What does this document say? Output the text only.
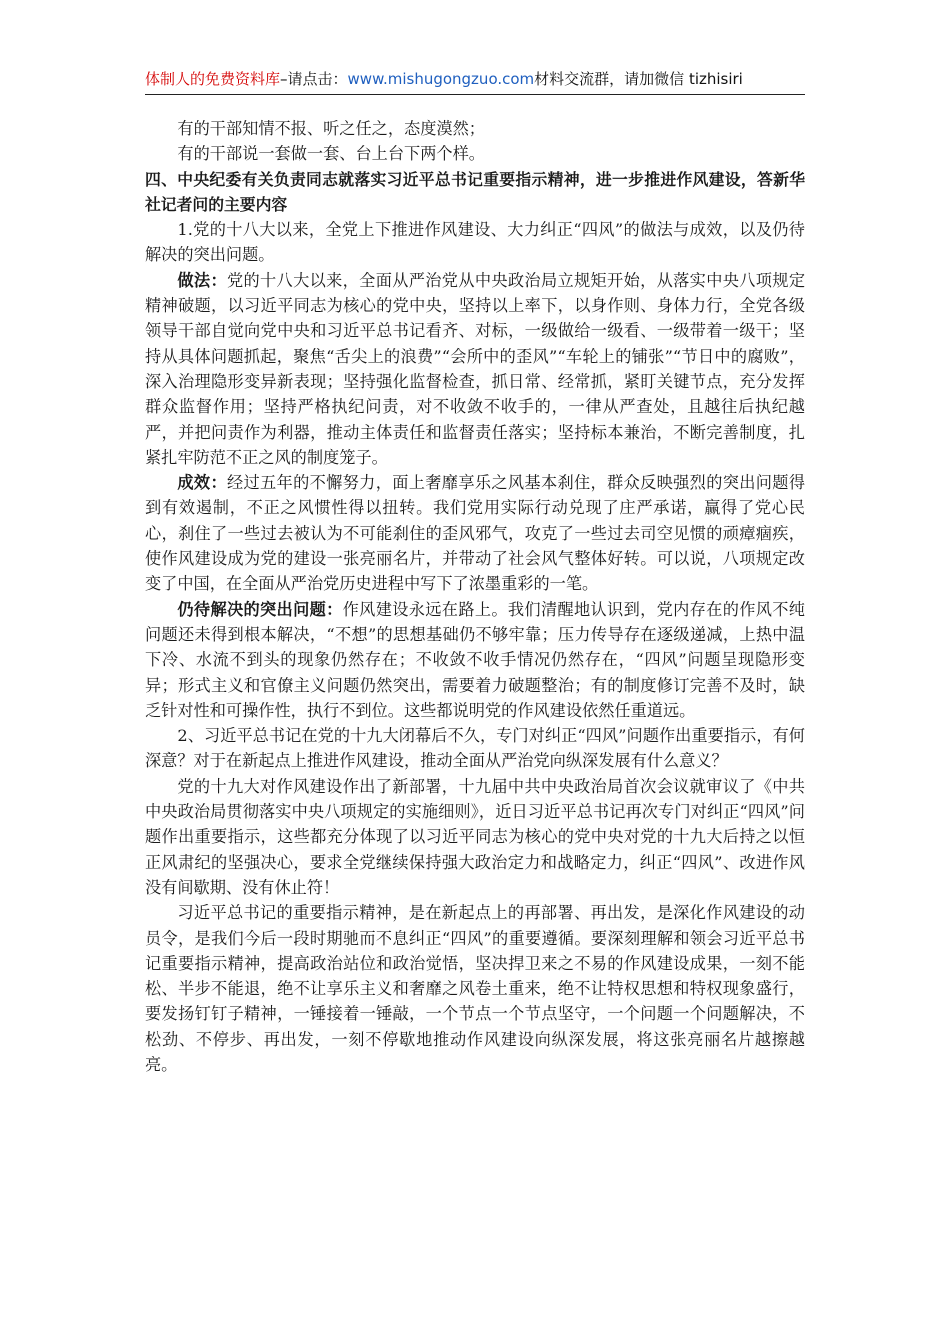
体制人的免费资料库–请点击：www.mishugongzuo.com材料交流群，请加微信 tizhisiri

有的干部知情不报、听之任之，态度漠然；

有的干部说一套做一套、台上台下两个样。

四、中央纪委有关负责同志就落实习近平总书记重要指示精神，进一步推进作风建设，答新华社记者问的主要内容

1.党的十八大以来，全党上下推进作风建设、大力纠正“四风”的做法与成效，以及仍待解决的突出问题。

做法：党的十八大以来，全面从严治党从中央政治局立规矩开始，从落实中央八项规定精神破题，以习近平同志为核心的党中央，坚持以上率下，以身作则、身体力行，全党各级领导干部自觉向党中央和习近平总书记看齐、对标，一级做给一级看、一级带着一级干；坚持从具体问题抓起，聚焦“舌尖上的浪费”“会所中的歪风”“车轮上的铺张”“节日中的腐败”，深入治理隐形变异新表现；坚持强化监督检查，抓日常、经常抓，紧盯关键节点，充分发挥群众监督作用；坚持严格执纪问责，对不收敛不收手的，一律从严查处，且越往后执纪越严，并把问责作为利器，推动主体责任和监督责任落实；坚持标本兼治，不断完善制度，扎紧扎牢防范不正之风的制度笼子。

成效：经过五年的不懈努力，面上奢靡享乐之风基本刹住，群众反映强烈的突出问题得到有效遏制，不正之风惯性得以扭转。我们党用实际行动兑现了庄严承诺，赢得了党心民心，刹住了一些过去被认为不可能刹住的歪风邪气，攻克了一些过去司空见惯的顽瘴痼疾，使作风建设成为党的建设一张亮丽名片，并带动了社会风气整体好转。可以说，八项规定改变了中国，在全面从严治党历史进程中写下了浓墨重彩的一笔。

仍待解决的突出问题：作风建设永远在路上。我们清醒地认识到，党内存在的作风不纯问题还未得到根本解决，“不想”的思想基础仍不够牢靠；压力传导存在逐级递减，上热中温下冷、水流不到头的现象仍然存在；不收敛不收手情况仍然存在，“四风”问题呈现隐形变异；形式主义和官僚主义问题仍然突出，需要着力破题整治；有的制度修订完善不及时，缺乏针对性和可操作性，执行不到位。这些都说明党的作风建设依然任重道远。

2、习近平总书记在党的十九大闭幕后不久，专门对纠正“四风”问题作出重要指示，有何深意？对于在新起点上推进作风建设，推动全面从严治党向纵深发展有什么意义？

党的十九大对作风建设作出了新部署，十九届中共中央政治局首次会议就审议了《中共中央政治局贯彻落实中央八项规定的实施细则》，近日习近平总书记再次专门对纠正“四风”问题作出重要指示，这些都充分体现了以习近平同志为核心的党中央对党的十九大后持之以恒正风肃纪的坚强决心，要求全党继续保持强大政治定力和战略定力，纠正“四风”、改进作风没有间歇期、没有休止符！

习近平总书记的重要指示精神，是在新起点上的再部署、再出发，是深化作风建设的动员令，是我们今后一段时期驰而不息纠正“四风”的重要遵循。要深刻理解和领会习近平总书记重要指示精神，提高政治站位和政治觉悟，坚决捍卫来之不易的作风建设成果，一刻不能松、半步不能退，绝不让享乐主义和奢靡之风卷土重来，绝不让特权思想和特权现象盛行，要发扬钉钉子精神，一锤接着一锤敲，一个节点一个节点坚守，一个问题一个问题解决，不松劲、不停步、再出发，一刻不停歇地推动作风建设向纵深发展，将这张亮丽名片越擦越亮。
